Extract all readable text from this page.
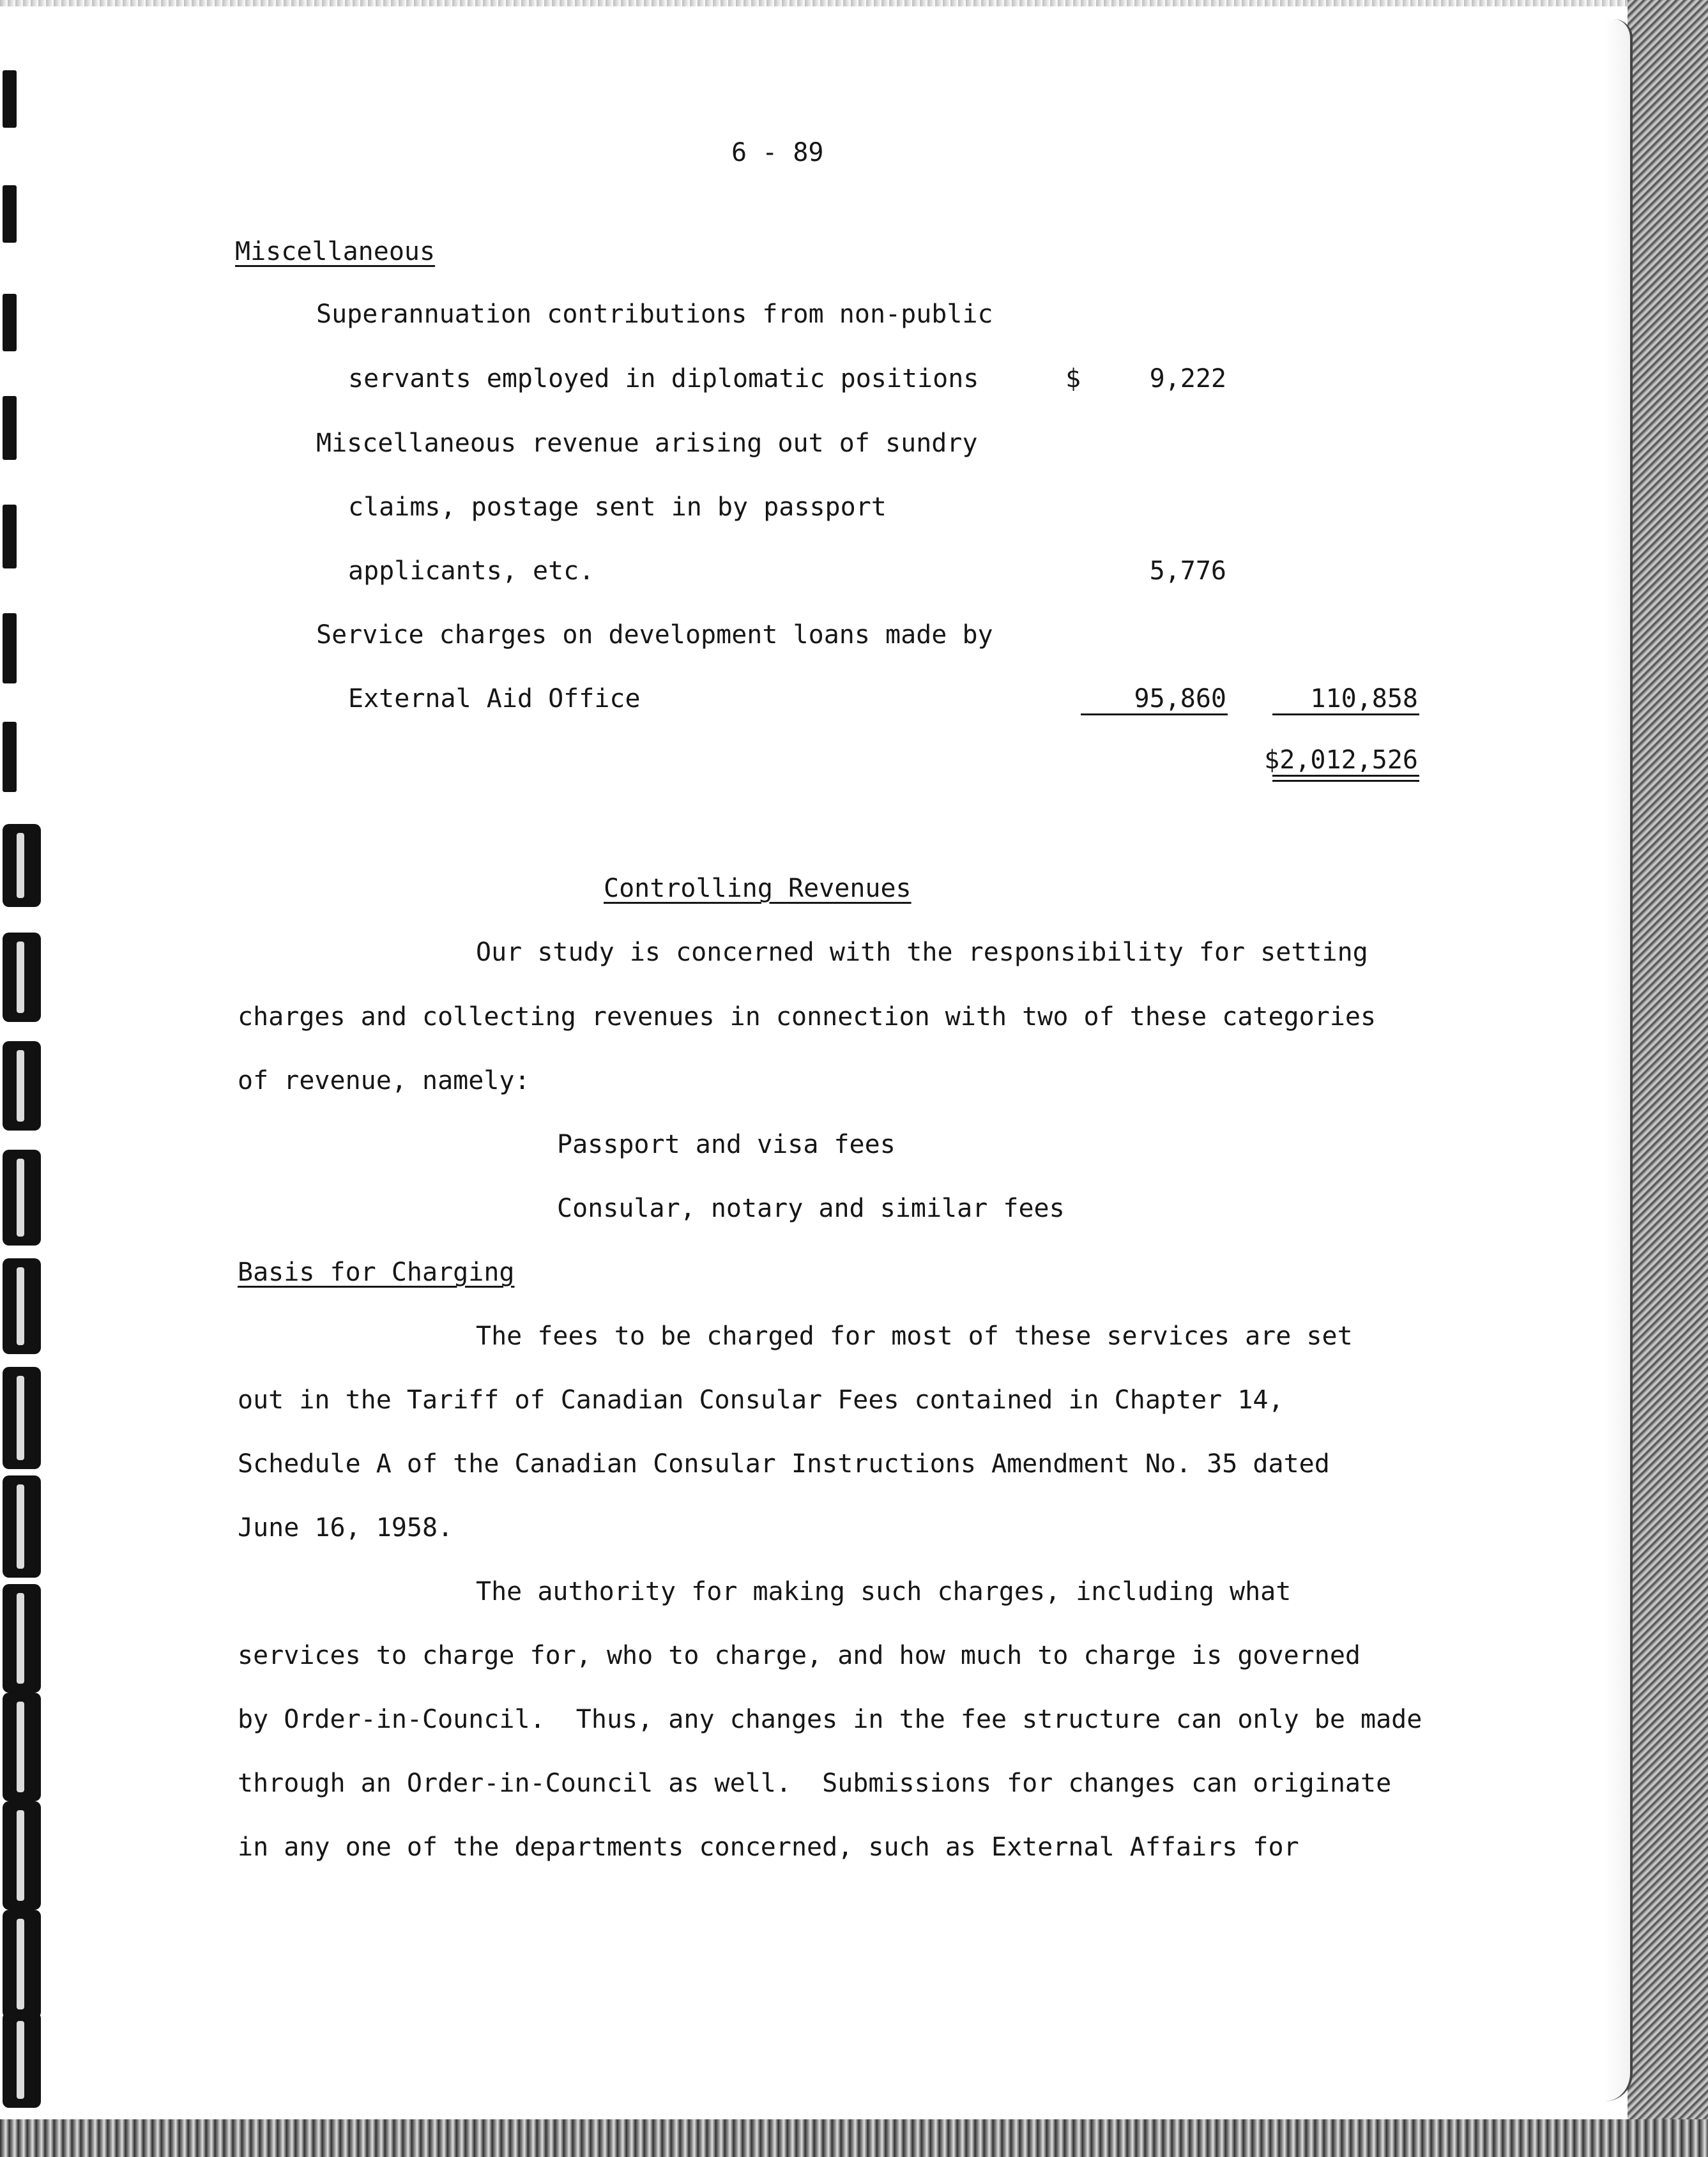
6 - 89
Miscellaneous
Superannuation contributions from non-public
servants employed in diplomatic positions	$	9,222
Miscellaneous revenue arising out of sundry
claims, postage sent in by passport
applicants, etc.	5,776
Service charges on development loans made by
External Aid Office	95,860	110,858
$2,012,526
Controlling Revenues
Our study is concerned with the responsibility for setting
charges and collecting revenues in connection with two of these categories
of revenue, namely:
Passport and visa fees
Consular, notary and similar fees
Basis for Charging
The fees to be charged for most of these services are set
out in the Tariff of Canadian Consular Fees contained in Chapter 14,
Schedule A of the Canadian Consular Instructions Amendment No. 35 dated
June 16, 1958.
The authority for making such charges, including what
services to charge for, who to charge, and how much to charge is governed
by Order-in-Council.  Thus, any changes in the fee structure can only be made
through an Order-in-Council as well.  Submissions for changes can originate
in any one of the departments concerned, such as External Affairs for
